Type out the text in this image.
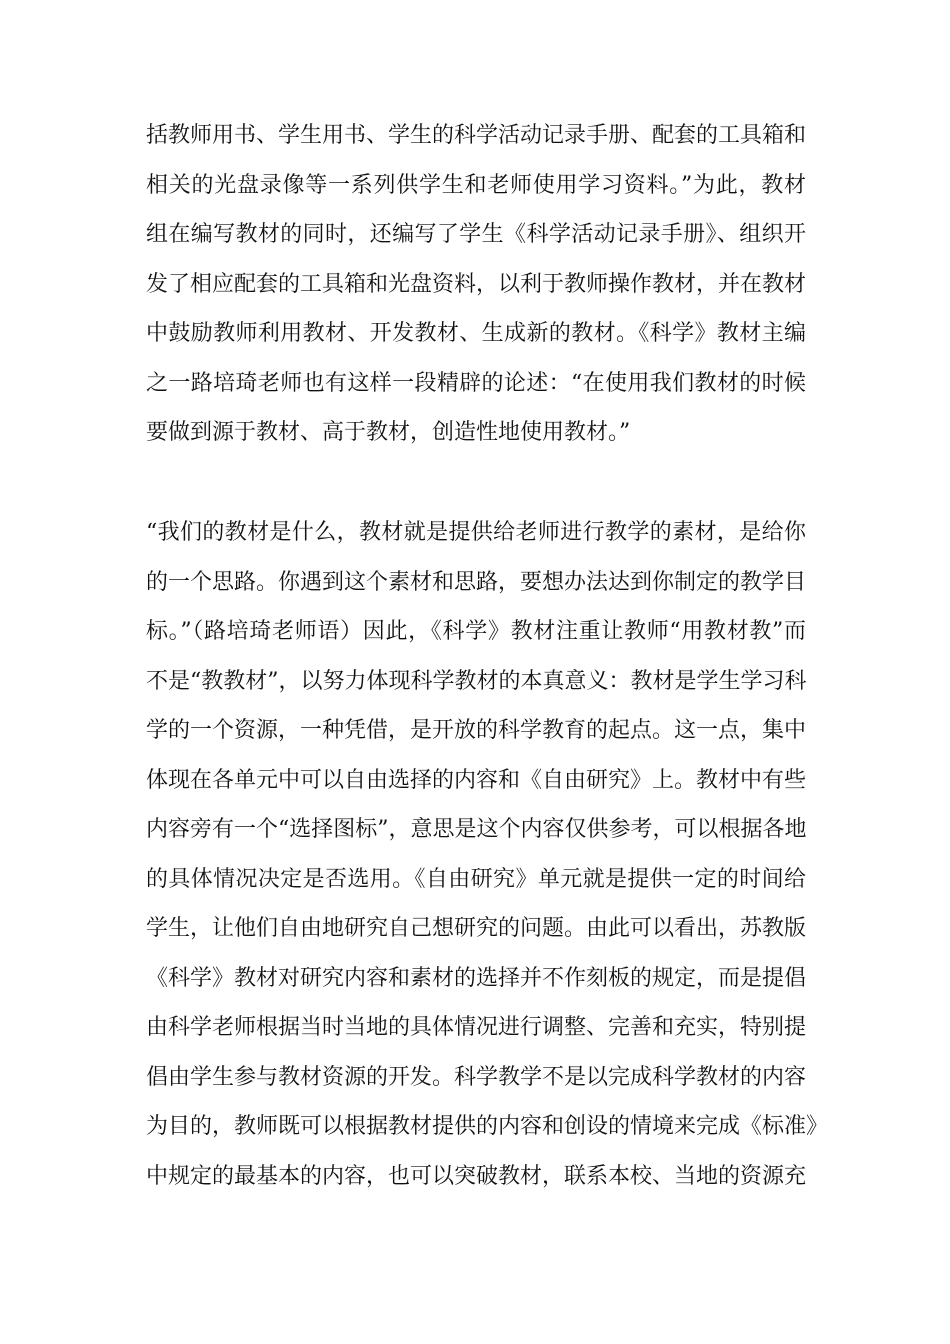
括教师用书、学生用书、学生的科学活动记录手册、配套的工具箱和
相关的光盘录像等一系列供学生和老师使用学习资料。”为此，教材
组在编写教材的同时，还编写了学生《科学活动记录手册》、组织开
发了相应配套的工具箱和光盘资料，以利于教师操作教材，并在教材
中鼓励教师利用教材、开发教材、生成新的教材。《科学》教材主编
之一路培琦老师也有这样一段精辟的论述：“在使用我们教材的时候
要做到源于教材、高于教材，创造性地使用教材。”
“我们的教材是什么，教材就是提供给老师进行教学的素材，是给你
的一个思路。你遇到这个素材和思路，要想办法达到你制定的教学目
标。”（路培琦老师语）因此，《科学》教材注重让教师“用教材教”而
不是“教教材”，以努力体现科学教材的本真意义：教材是学生学习科
学的一个资源，一种凭借，是开放的科学教育的起点。这一点，集中
体现在各单元中可以自由选择的内容和《自由研究》上。教材中有些
内容旁有一个“选择图标”，意思是这个内容仅供参考，可以根据各地
的具体情况决定是否选用。《自由研究》单元就是提供一定的时间给
学生，让他们自由地研究自己想研究的问题。由此可以看出，苏教版
《科学》教材对研究内容和素材的选择并不作刻板的规定，而是提倡
由科学老师根据当时当地的具体情况进行调整、完善和充实，特别提
倡由学生参与教材资源的开发。科学教学不是以完成科学教材的内容
为目的，教师既可以根据教材提供的内容和创设的情境来完成《标准》
中规定的最基本的内容，也可以突破教材，联系本校、当地的资源充
